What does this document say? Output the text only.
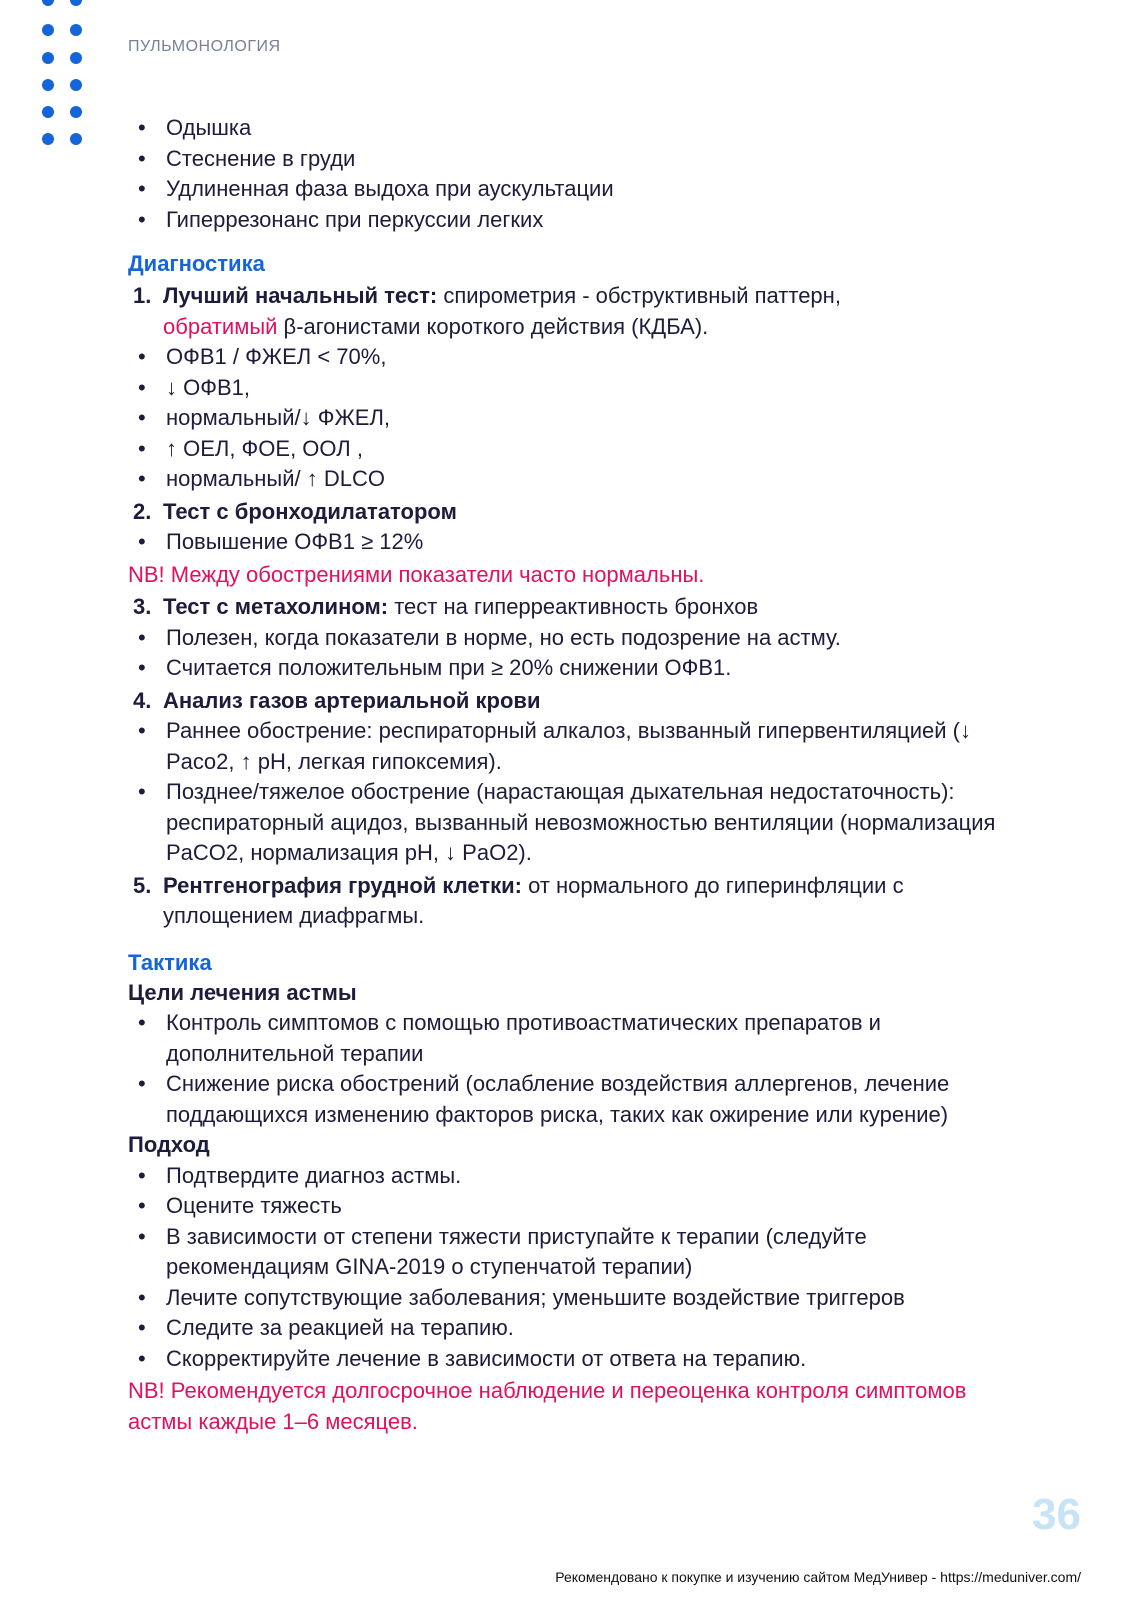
ПУЛЬМОНОЛОГИЯ
• Одышка
• Стеснение в груди
• Удлиненная фаза выдоха при аускультации
• Гиперрезонанс при перкуссии легких
Диагностика
1. Лучший начальный тест: спирометрия - обструктивный паттерн,
обратимый β-агонистами короткого действия (КДБА).
• ОФВ1 / ФЖЕЛ < 70%,
• ↓ ОФВ1,
• нормальный/↓ ФЖЕЛ,
• ↑ ОЕЛ, ФОЕ, ООЛ ,
• нормальный/ ↑ DLCO
2. Тест с бронходилататором
• Повышение ОФВ1 ≥ 12%
NB! Между обострениями показатели часто нормальны.
3. Тест с метахолином: тест на гиперреактивность бронхов
• Полезен, когда показатели в норме, но есть подозрение на астму.
• Считается положительным при ≥ 20% снижении ОФВ1.
4. Анализ газов артериальной крови
• Раннее обострение: респираторный алкалоз, вызванный гипервентиляцией (↓ Paco2, ↑ pH, легкая гипоксемия).
• Позднее/тяжелое обострение (нарастающая дыхательная недостаточность): респираторный ацидоз, вызванный невозможностью вентиляции (нормализация PaCO2, нормализация pH, ↓ PaO2).
5. Рентгенография грудной клетки: от нормального до гиперинфляции с уплощением диафрагмы.
Тактика
Цели лечения астмы
• Контроль симптомов с помощью противоастматических препаратов и дополнительной терапии
• Снижение риска обострений (ослабление воздействия аллергенов, лечение поддающихся изменению факторов риска, таких как ожирение или курение)
Подход
• Подтвердите диагноз астмы.
• Оцените тяжесть
• В зависимости от степени тяжести приступайте к терапии (следуйте рекомендациям GINA-2019 о ступенчатой терапии)
• Лечите сопутствующие заболевания; уменьшите воздействие триггеров
• Следите за реакцией на терапию.
• Скорректируйте лечение в зависимости от ответа на терапию.
NB! Рекомендуется долгосрочное наблюдение и переоценка контроля симптомов астмы каждые 1–6 месяцев.
36
Рекомендовано к покупке и изучению сайтом МедУнивер - https://meduniver.com/
